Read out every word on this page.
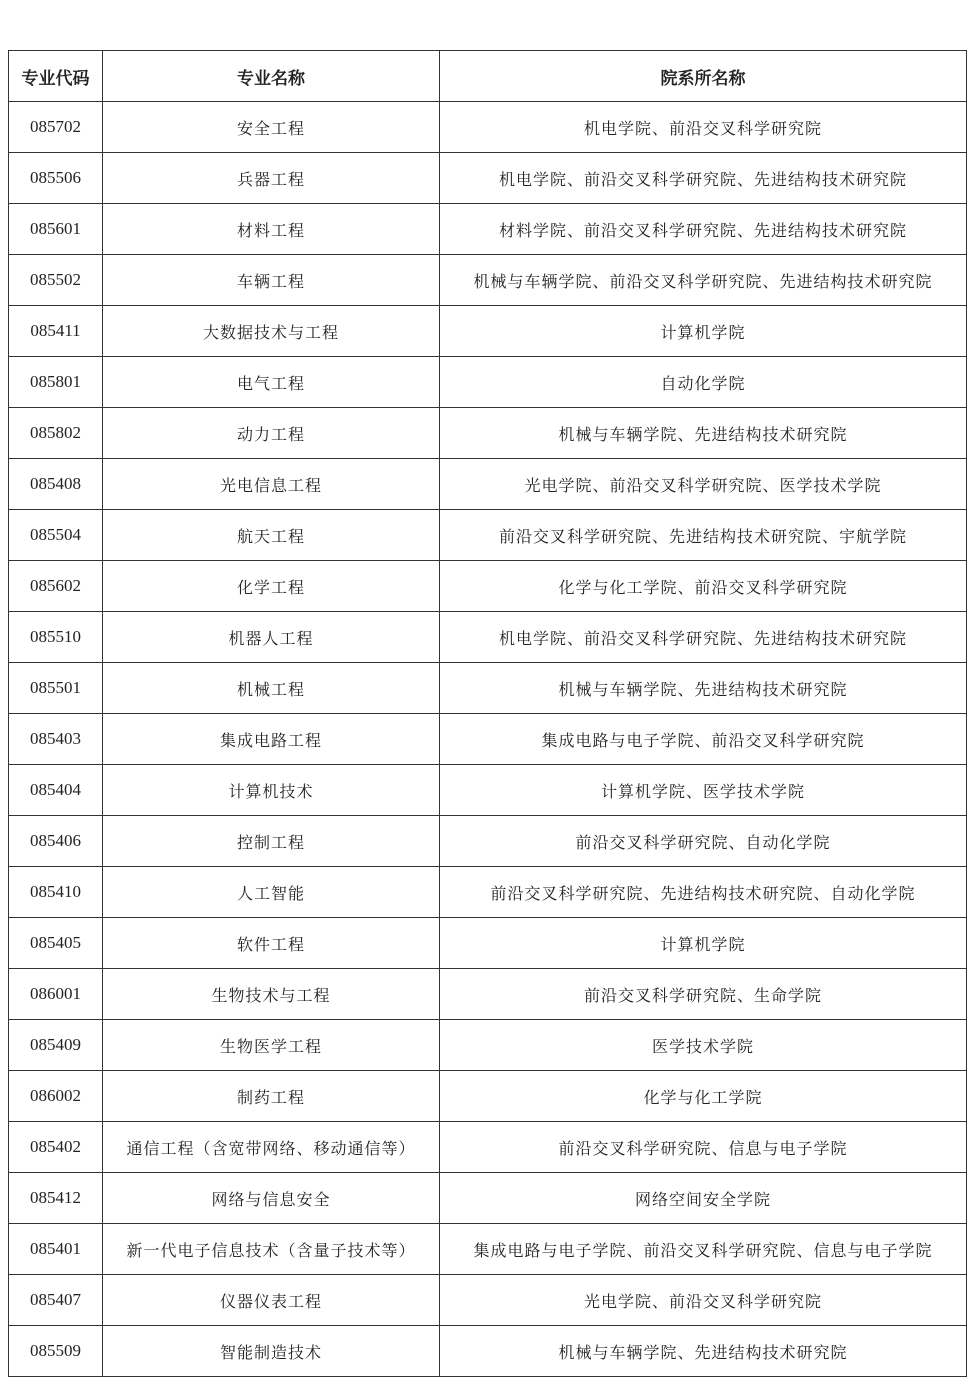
专业代码	专业名称	院系所名称
085702	安全工程	机电学院、前沿交叉科学研究院
085506	兵器工程	机电学院、前沿交叉科学研究院、先进结构技术研究院
085601	材料工程	材料学院、前沿交叉科学研究院、先进结构技术研究院
085502	车辆工程	机械与车辆学院、前沿交叉科学研究院、先进结构技术研究院
085411	大数据技术与工程	计算机学院
085801	电气工程	自动化学院
085802	动力工程	机械与车辆学院、先进结构技术研究院
085408	光电信息工程	光电学院、前沿交叉科学研究院、医学技术学院
085504	航天工程	前沿交叉科学研究院、先进结构技术研究院、宇航学院
085602	化学工程	化学与化工学院、前沿交叉科学研究院
085510	机器人工程	机电学院、前沿交叉科学研究院、先进结构技术研究院
085501	机械工程	机械与车辆学院、先进结构技术研究院
085403	集成电路工程	集成电路与电子学院、前沿交叉科学研究院
085404	计算机技术	计算机学院、医学技术学院
085406	控制工程	前沿交叉科学研究院、自动化学院
085410	人工智能	前沿交叉科学研究院、先进结构技术研究院、自动化学院
085405	软件工程	计算机学院
086001	生物技术与工程	前沿交叉科学研究院、生命学院
085409	生物医学工程	医学技术学院
086002	制药工程	化学与化工学院
085402	通信工程（含宽带网络、移动通信等）	前沿交叉科学研究院、信息与电子学院
085412	网络与信息安全	网络空间安全学院
085401	新一代电子信息技术（含量子技术等）	集成电路与电子学院、前沿交叉科学研究院、信息与电子学院
085407	仪器仪表工程	光电学院、前沿交叉科学研究院
085509	智能制造技术	机械与车辆学院、先进结构技术研究院
